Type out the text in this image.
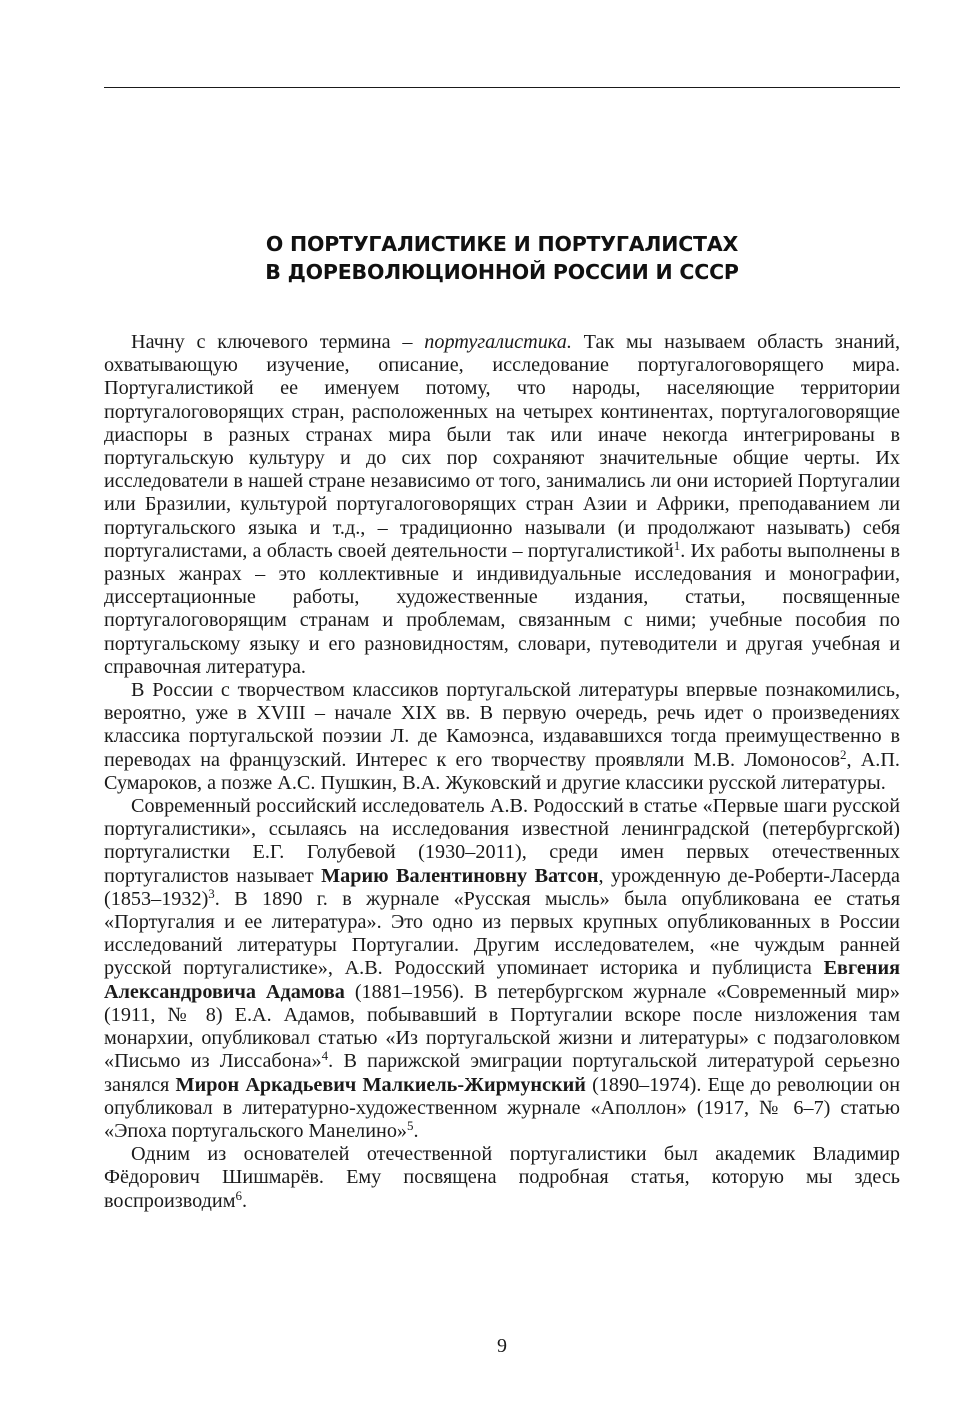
О ПОРТУГАЛИСТИКЕ И ПОРТУГАЛИСТАХ
В ДОРЕВОЛЮЦИОННОЙ РОССИИ И СССР

Начну с ключевого термина – португалистика. Так мы называем область знаний, охватывающую изучение, описание, исследование португалоговорящего мира. Португалистикой ее именуем потому, что народы, населяющие территории португалоговорящих стран, расположенных на четырех континентах, португалоговорящие диаспоры в разных странах мира были так или иначе некогда интегрированы в португальскую культуру и до сих пор сохраняют значительные общие черты. Их исследователи в нашей стране независимо от того, занимались ли они историей Португалии или Бразилии, культурой португалоговорящих стран Азии и Африки, преподаванием ли португальского языка и т.д., – традиционно называли (и продолжают называть) себя португалистами, а область своей деятельности – португалистикой$^1$. Их работы выполнены в разных жанрах – это коллективные и индивидуальные исследования и монографии, диссертационные работы, художественные издания, статьи, посвященные португалоговорящим странам и проблемам, связанным с ними; учебные пособия по португальскому языку и его разновидностям, словари, путеводители и другая учебная и справочная литература.

В России с творчеством классиков португальской литературы впервые познакомились, вероятно, уже в XVIII – начале XIX вв. В первую очередь, речь идет о произведениях классика португальской поэзии Л. де Камоэнса, издававшихся тогда преимущественно в переводах на французский. Интерес к его творчеству проявляли М.В. Ломоносов$^2$, А.П. Сумароков, а позже А.С. Пушкин, В.А. Жуковский и другие классики русской литературы.

Современный российский исследователь А.В. Родосский в статье «Первые шаги русской португалистики», ссылаясь на исследования известной ленинградской (петербургской) португалистки Е.Г. Голубевой (1930–2011), среди имен первых отечественных португалистов называет Марию Валентиновну Ватсон, урожденную де-Роберти-Ласерда (1853–1932)$^3$. В 1890 г. в журнале «Русская мысль» была опубликована ее статья «Португалия и ее литература». Это одно из первых крупных опубликованных в России исследований литературы Португалии. Другим исследователем, «не чуждым ранней русской португалистике», А.В. Родосский упоминает историка и публициста Евгения Александровича Адамова (1881–1956). В петербургском журнале «Современный мир» (1911, № 8) Е.А. Адамов, побывавший в Португалии вскоре после низложения там монархии, опубликовал статью «Из португальской жизни и литературы» с подзаголовком «Письмо из Лиссабона»$^4$. В парижской эмиграции португальской литературой серьезно занялся Мирон Аркадьевич Малкиель-Жирмунский (1890–1974). Еще до революции он опубликовал в литературно-художественном журнале «Аполлон» (1917, № 6–7) статью «Эпоха португальского Манелино»$^5$.

Одним из основателей отечественной португалистики был академик Владимир Фёдорович Шишмарёв. Ему посвящена подробная статья, которую мы здесь воспроизводим$^6$.

9
